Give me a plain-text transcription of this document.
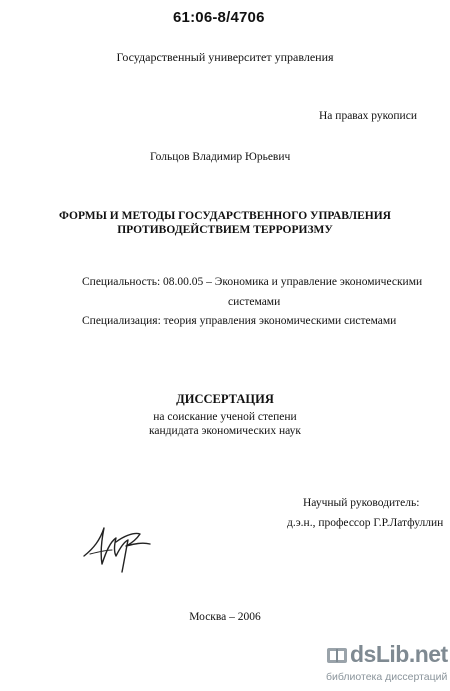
61:06-8/4706
Государственный университет управления
На правах рукописи
Гольцов Владимир Юрьевич
ФОРМЫ И МЕТОДЫ ГОСУДАРСТВЕННОГО УПРАВЛЕНИЯ
ПРОТИВОДЕЙСТВИЕМ ТЕРРОРИЗМУ
Специальность: 08.00.05 – Экономика и управление экономическими
системами
Специализация: теория управления экономическими системами
ДИССЕРТАЦИЯ
на соискание ученой степени
кандидата экономических наук
Научный руководитель:
д.э.н., профессор Г.Р.Латфуллин
Москва – 2006
dsLib.net
библиотека диссертаций
